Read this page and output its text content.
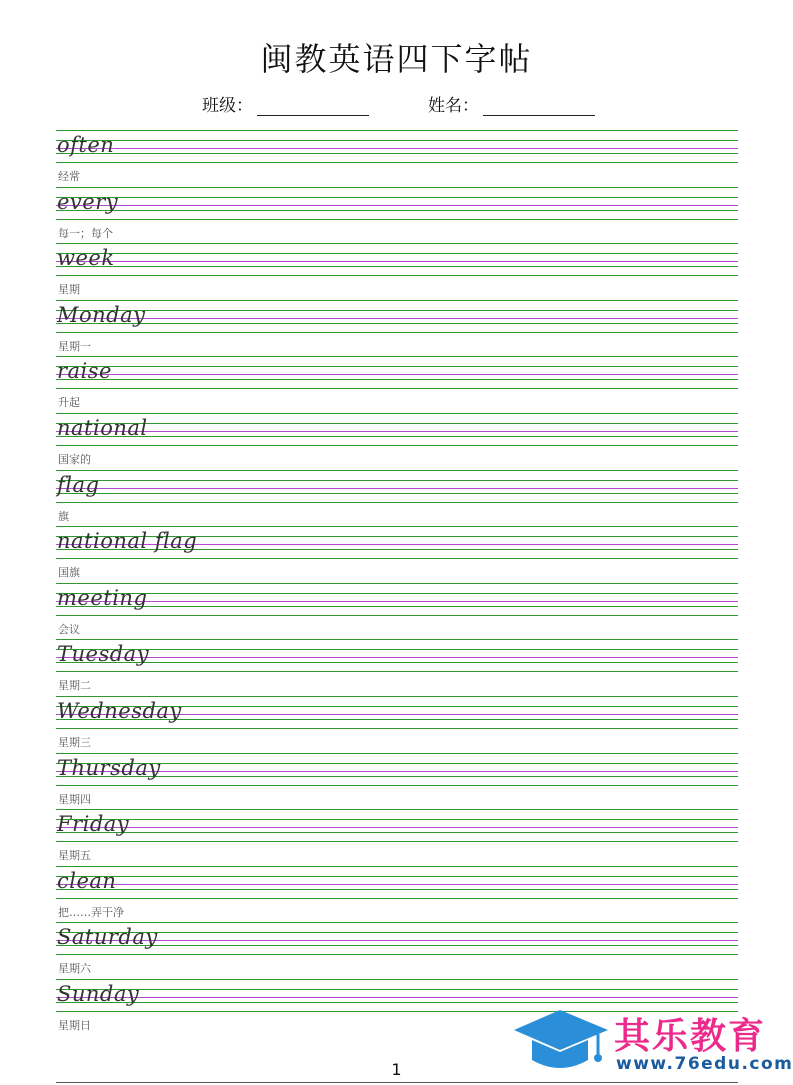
闽教英语四下字帖
班级：	姓名：
often
经常
every
每一；每个
week
星期
Monday
星期一
raise
升起
national
国家的
flag
旗
national flag
国旗
meeting
会议
Tuesday
星期二
Wednesday
星期三
Thursday
星期四
Friday
星期五
clean
把……弄干净
Saturday
星期六
Sunday
星期日
1
其乐教育
www.76edu.com
